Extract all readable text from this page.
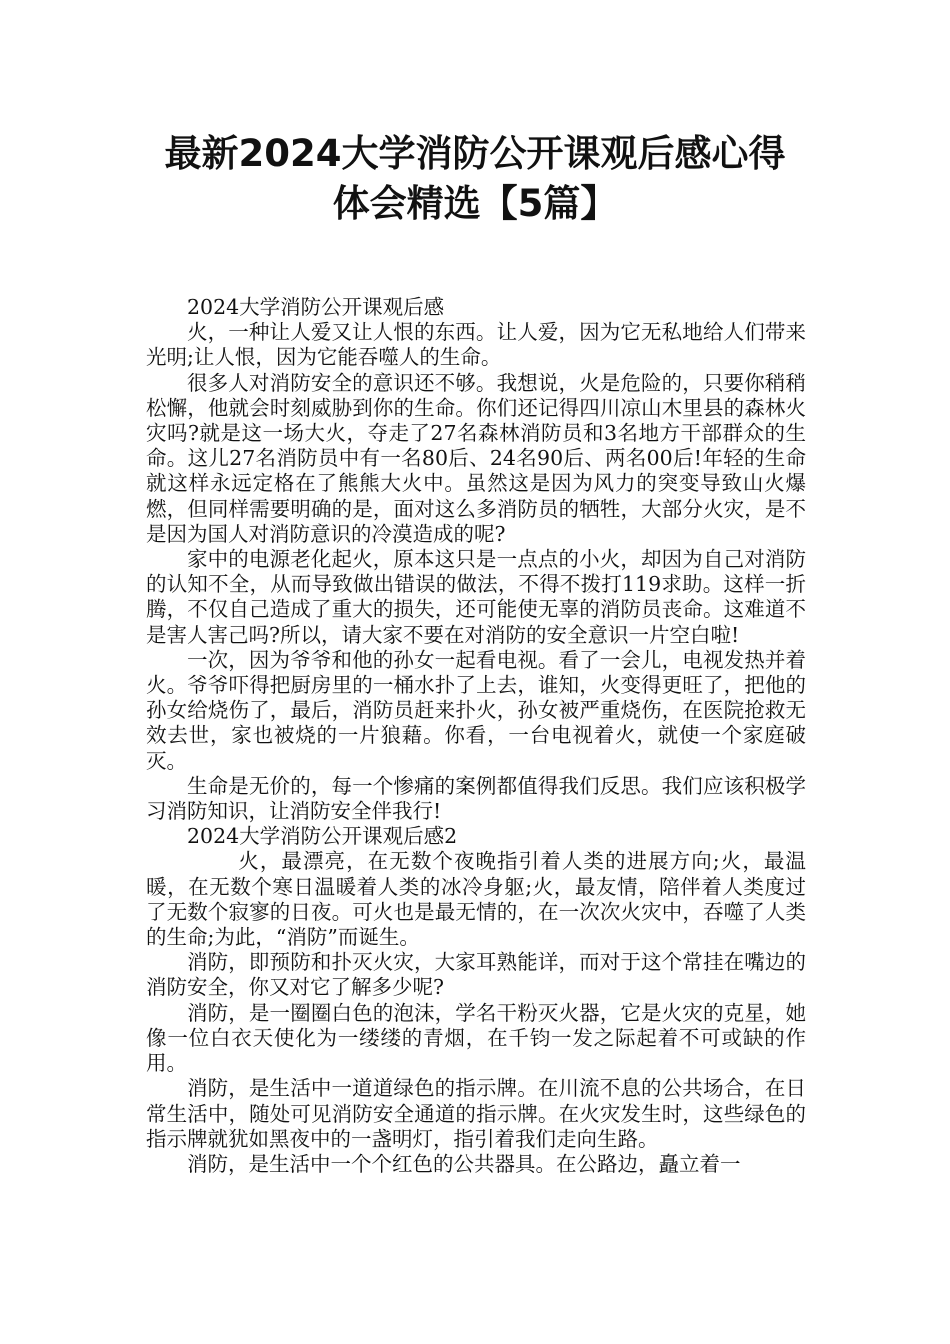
最新2024大学消防公开课观后感心得
体会精选【5篇】

2024大学消防公开课观后感

火，一种让人爱又让人恨的东西。让人爱，因为它无私地给人们带来光明;让人恨，因为它能吞噬人的生命。

很多人对消防安全的意识还不够。我想说，火是危险的，只要你稍稍松懈，他就会时刻威胁到你的生命。你们还记得四川凉山木里县的森林火灾吗?就是这一场大火，夺走了27名森林消防员和3名地方干部群众的生命。这儿27名消防员中有一名80后、24名90后、两名00后!年轻的生命就这样永远定格在了熊熊大火中。虽然这是因为风力的突变导致山火爆燃，但同样需要明确的是，面对这么多消防员的牺牲，大部分火灾，是不是因为国人对消防意识的冷漠造成的呢?

家中的电源老化起火，原本这只是一点点的小火，却因为自己对消防的认知不全，从而导致做出错误的做法，不得不拨打119求助。这样一折腾，不仅自己造成了重大的损失，还可能使无辜的消防员丧命。这难道不是害人害己吗?所以，请大家不要在对消防的安全意识一片空白啦!

一次，因为爷爷和他的孙女一起看电视。看了一会儿，电视发热并着火。爷爷吓得把厨房里的一桶水扑了上去，谁知，火变得更旺了，把他的孙女给烧伤了，最后，消防员赶来扑火，孙女被严重烧伤，在医院抢救无效去世，家也被烧的一片狼藉。你看，一台电视着火，就使一个家庭破灭。

生命是无价的，每一个惨痛的案例都值得我们反思。我们应该积极学习消防知识，让消防安全伴我行!

2024大学消防公开课观后感2

火，最漂亮，在无数个夜晚指引着人类的进展方向;火，最温暖，在无数个寒日温暖着人类的冰冷身躯;火，最友情，陪伴着人类度过了无数个寂寥的日夜。可火也是最无情的，在一次次火灾中，吞噬了人类的生命;为此，“消防”而诞生。

消防，即预防和扑灭火灾，大家耳熟能详，而对于这个常挂在嘴边的消防安全，你又对它了解多少呢?

消防，是一圈圈白色的泡沫，学名干粉灭火器，它是火灾的克星，她像一位白衣天使化为一缕缕的青烟，在千钧一发之际起着不可或缺的作用。

消防，是生活中一道道绿色的指示牌。在川流不息的公共场合，在日常生活中，随处可见消防安全通道的指示牌。在火灾发生时，这些绿色的指示牌就犹如黑夜中的一盏明灯，指引着我们走向生路。

消防，是生活中一个个红色的公共器具。在公路边，矗立着一
